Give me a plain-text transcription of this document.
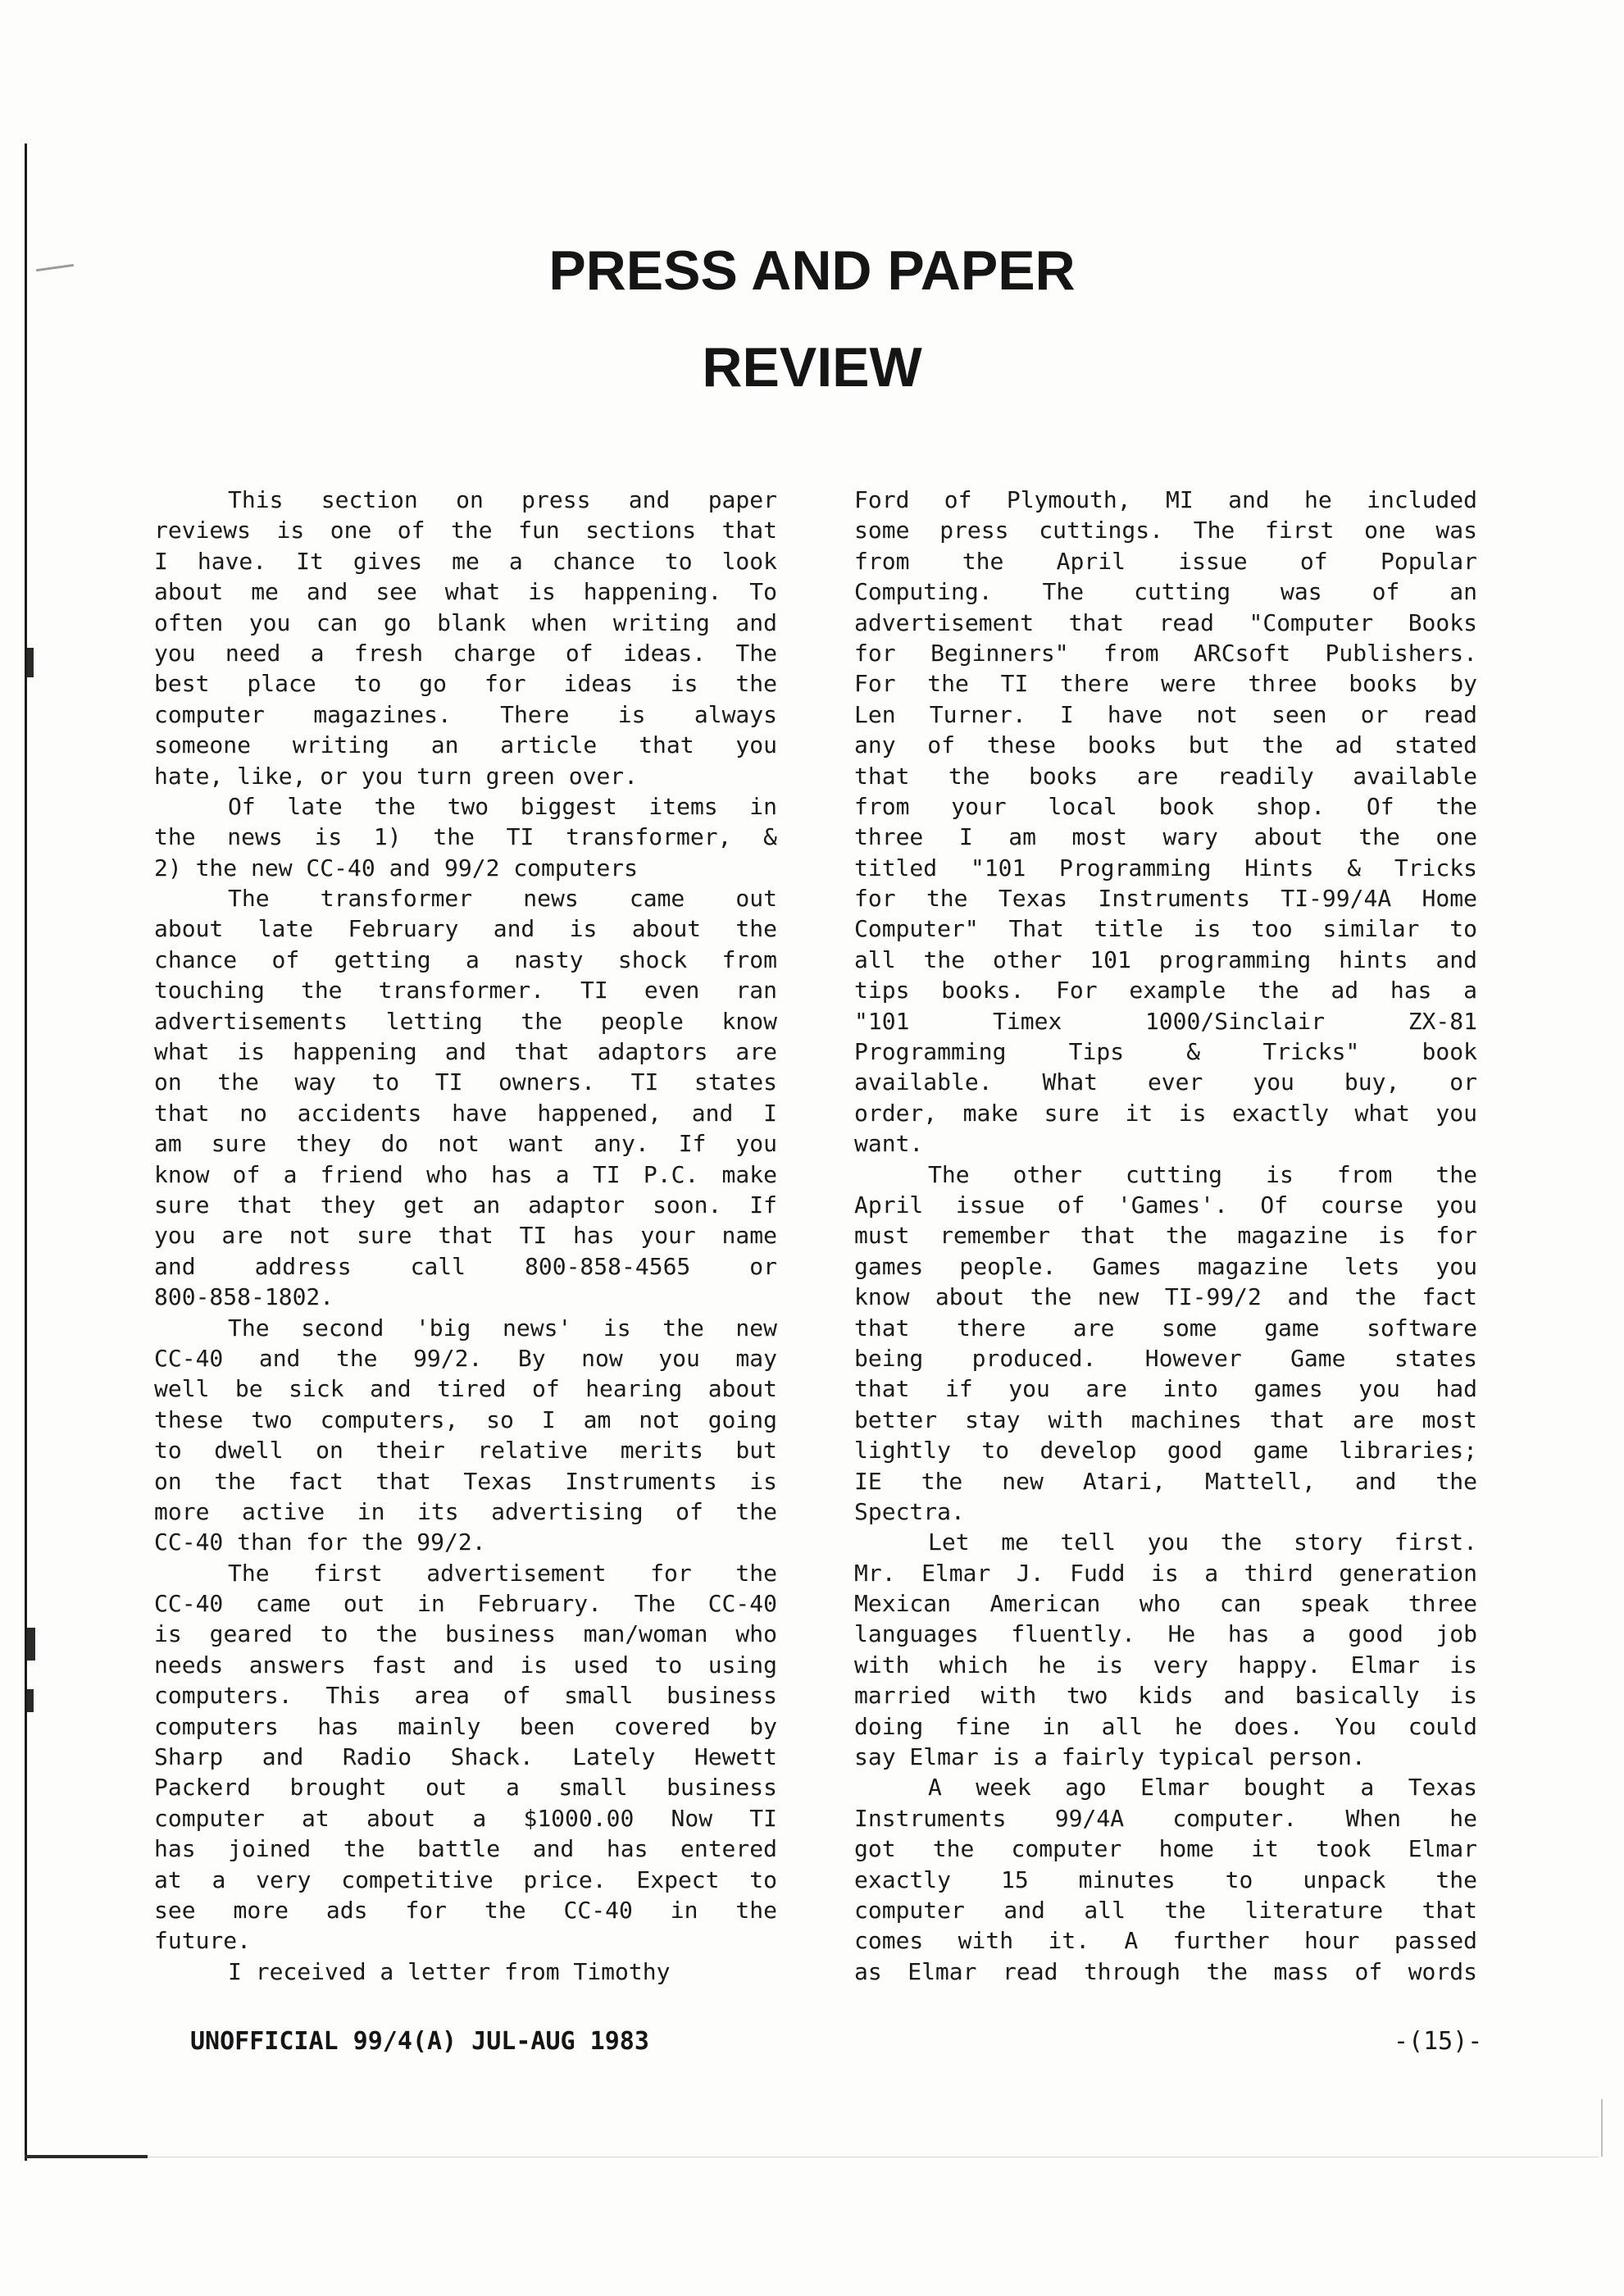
PRESS AND PAPER
REVIEW
This section on press and paper
reviews is one of the fun sections that
I have. It gives me a chance to look
about me and see what is happening. To
often you can go blank when writing and
you need a fresh charge of ideas. The
best place to go for ideas is the
computer magazines. There is always
someone writing an article that you
hate, like, or you turn green over.
Of late the two biggest items in
the news is 1) the TI transformer, &
2) the new CC-40 and 99/2 computers
The transformer news came out
about late February and is about the
chance of getting a nasty shock from
touching the transformer. TI even ran
advertisements letting the people know
what is happening and that adaptors are
on the way to TI owners. TI states
that no accidents have happened, and I
am sure they do not want any. If you
know of a friend who has a TI P.C. make
sure that they get an adaptor soon. If
you are not sure that TI has your name
and address call 800-858-4565 or
800-858-1802.
The second 'big news' is the new
CC-40 and the 99/2. By now you may
well be sick and tired of hearing about
these two computers, so I am not going
to dwell on their relative merits but
on the fact that Texas Instruments is
more active in its advertising of the
CC-40 than for the 99/2.
The first advertisement for the
CC-40 came out in February. The CC-40
is geared to the business man/woman who
needs answers fast and is used to using
computers. This area of small business
computers has mainly been covered by
Sharp and Radio Shack. Lately Hewett
Packerd brought out a small business
computer at about a $1000.00 Now TI
has joined the battle and has entered
at a very competitive price. Expect to
see more ads for the CC-40 in the
future.
I received a letter from Timothy
Ford of Plymouth, MI and he included
some press cuttings. The first one was
from the April issue of Popular
Computing. The cutting was of an
advertisement that read "Computer Books
for Beginners" from ARCsoft Publishers.
For the TI there were three books by
Len Turner. I have not seen or read
any of these books but the ad stated
that the books are readily available
from your local book shop. Of the
three I am most wary about the one
titled "101 Programming Hints & Tricks
for the Texas Instruments TI-99/4A Home
Computer" That title is too similar to
all the other 101 programming hints and
tips books. For example the ad has a
"101 Timex 1000/Sinclair ZX-81
Programming Tips & Tricks" book
available. What ever you buy, or
order, make sure it is exactly what you
want.
The other cutting is from the
April issue of 'Games'. Of course you
must remember that the magazine is for
games people. Games magazine lets you
know about the new TI-99/2 and the fact
that there are some game software
being produced. However Game states
that if you are into games you had
better stay with machines that are most
lightly to develop good game libraries;
IE the new Atari, Mattell, and the
Spectra.
Let me tell you the story first.
Mr. Elmar J. Fudd is a third generation
Mexican American who can speak three
languages fluently. He has a good job
with which he is very happy. Elmar is
married with two kids and basically is
doing fine in all he does. You could
say Elmar is a fairly typical person.
A week ago Elmar bought a Texas
Instruments 99/4A computer. When he
got the computer home it took Elmar
exactly 15 minutes to unpack the
computer and all the literature that
comes with it. A further hour passed
as Elmar read through the mass of words
UNOFFICIAL 99/4(A) JUL-AUG 1983	-(15)-
